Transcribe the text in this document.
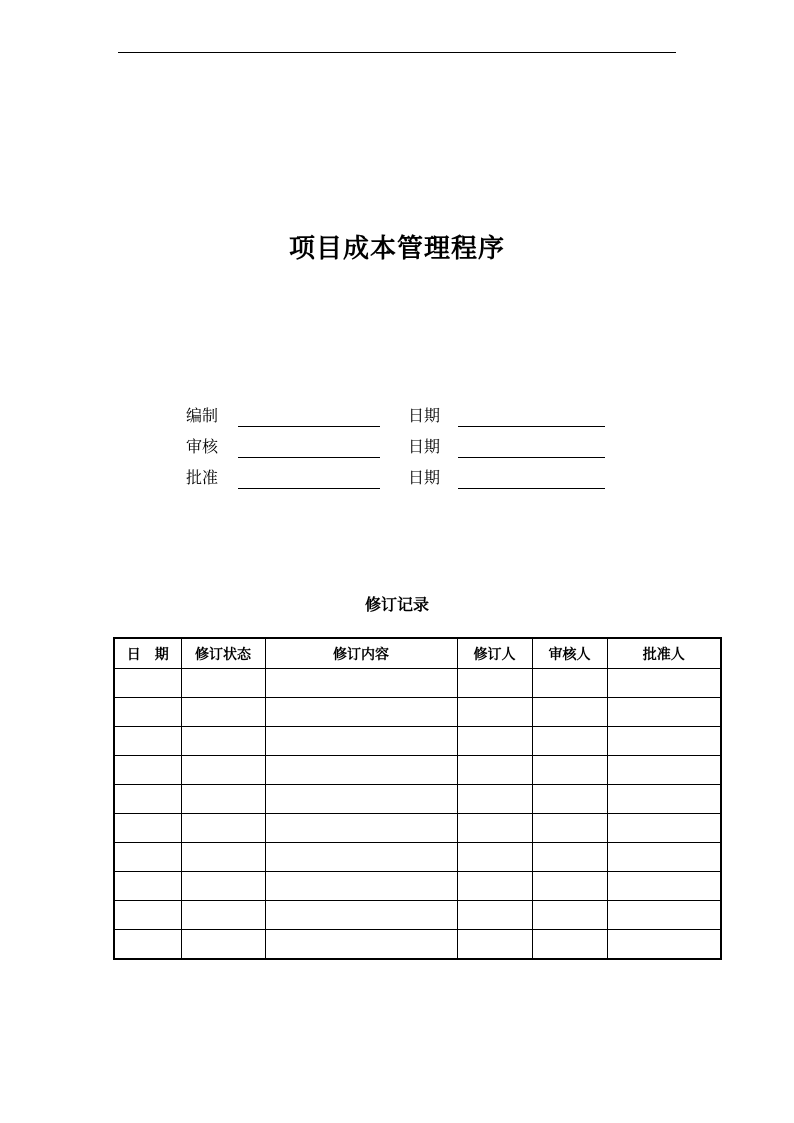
项目成本管理程序
编制	日期
审核	日期
批准	日期
修订记录
日　期	修订状态	修订内容	修订人	审核人	批准人
